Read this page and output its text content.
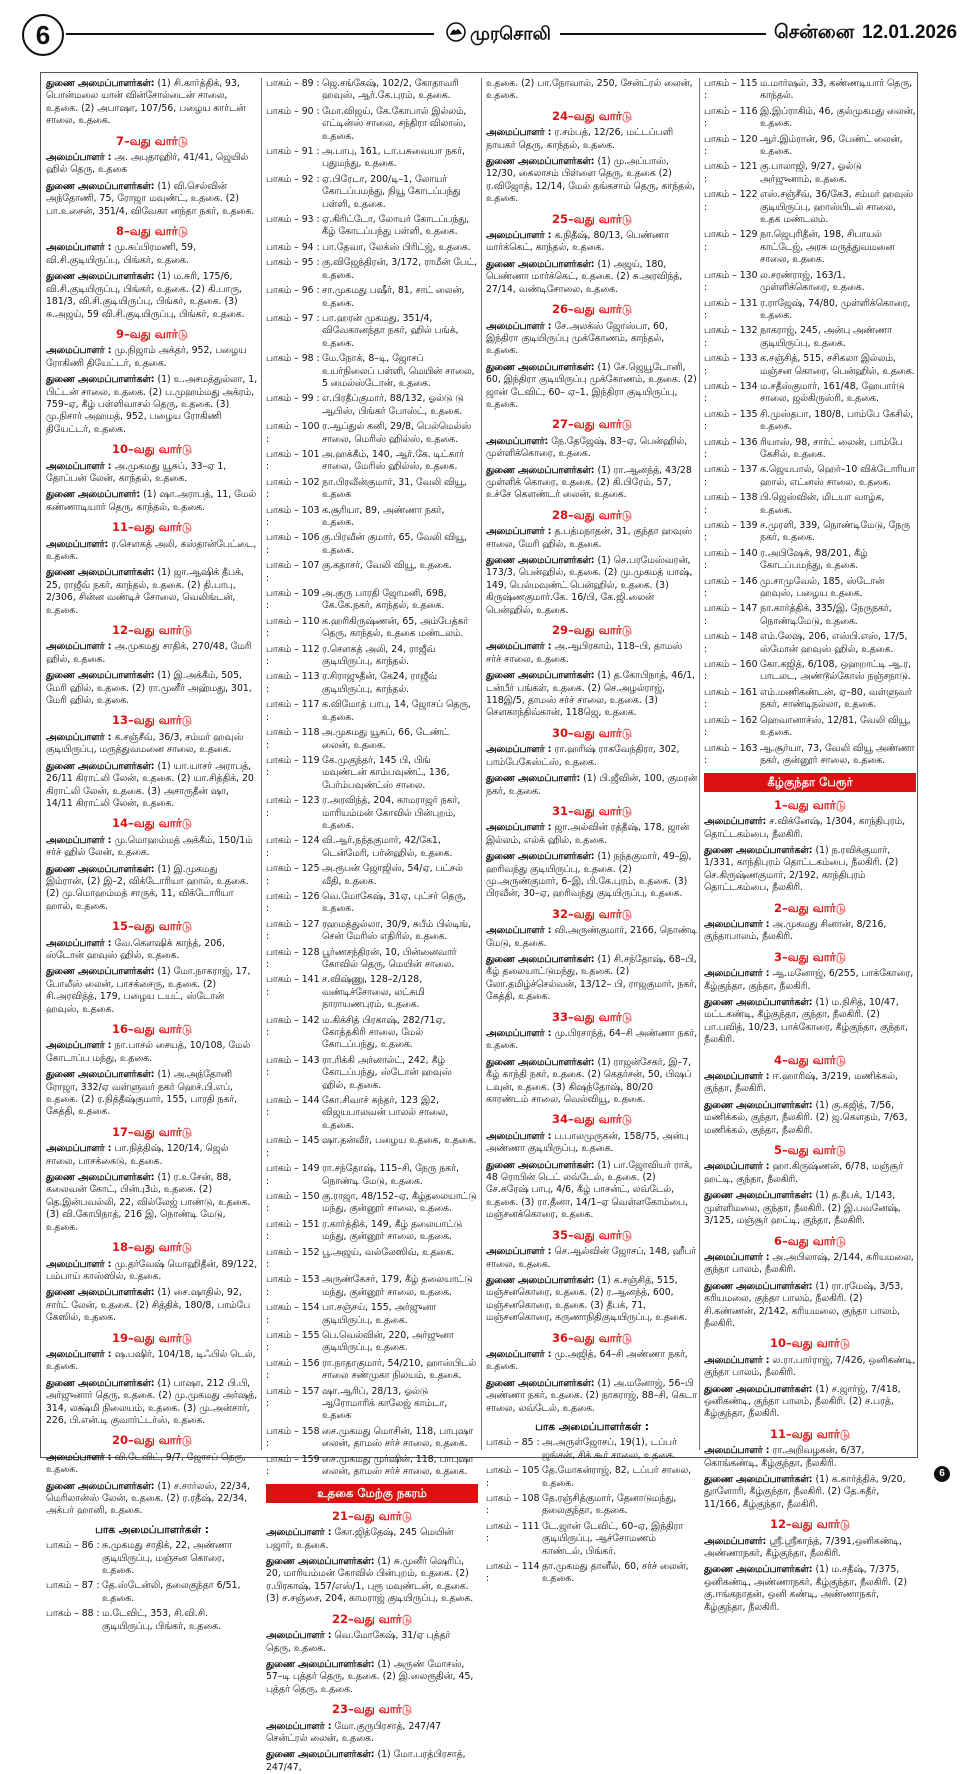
6	முரசொலி	சென்னை 12.01.2026

துணை அமைப்பாளர்கள்: (1) சி.கார்த்திக், 93, பொன்மலை யான் வின்சோல்டைன் சாலை, உதகை. (2) அபாஷா, 107/56, பழைய கார்டன் சாலை, உதகை.

7–வது வார்டு

அமைப்பாளர் : அ. அபுதாஹிர், 41/41, ஜெயில் ஹில் தெரு, உதகை

துணை அமைப்பாளர்கள்: (1) வி.செல்வின் அந்தோணி, 75, ரோஜா மவுண்ட், உதகை. (2) பா.உசைன், 351/4, விவேகா னந்தா நகர், உதகை.

8–வது வார்டு

அமைப்பாளர் : மு.சுப்பிரமணி, 59, வி.சி.குடியிருப்பு, பிங்கர், உதகை.

துணை அமைப்பாளர்கள்: (1) ம.சுரி, 175/6, வி.சி.குடியிருப்பு, பிங்கர், உதகை. (2) கி.பாரு, 181/3, வி.சி.குடியிருப்பு, பிங்கர், உதகை. (3) சு.அஜய், 59 வி.சி.குடியிருப்பு, பிங்கர், உதகை.

9–வது வார்டு

அமைப்பாளர் : மு.நிஜாம் அக்தர், 952, பழைய ரோகிணி தியேட்டர், உதகை.

துணை அமைப்பாளர்கள்: (1) உ.அசமத்துல்லா, 1, பிட்டன் சாலை, உதகை. (2) ப.முஹம்மது அக்ரம், 759–ஏ, கீழ் பள்ளிவாசல் தெரு, உதகை. (3) மு.நிசார் அஹமத், 952, பழைய ரோகிணி தியேட்டர், உதகை.

10–வது வார்டு

அமைப்பாளர் : அ.முகமது யூசுப், 33–ஏ 1, தோப்பன் லேன், காந்தல், உதகை.

துணை அமைப்பாளர்: (1) ஷா.அராபத், 11, மேல் கண்ணாடியார் தெரு, காந்தல், உதகை.

11–வது வார்டு

அமைப்பாளர்: ர.சௌகத் அலி, கஸ்தான்பேட்டை, உதகை.

துணை அமைப்பாளர்கள்: (1) ஜா.ஆஷிக் தீபக், 25, ராஜீவ் நகர், காந்தல், உதகை. (2) தி.பாபு, 2/306, சின்ன வண்டிச் சோலை, வெலிங்டன், உதகை.

12–வது வார்டு

அமைப்பாளர் : அ.முகமது சாதிக், 270/48, மேரி ஹில், உதகை.

துணை அமைப்பாளர்கள்: (1) இ.அக்கீம், 505, மேரி ஹில், உதகை. (2) ரா.முனீர் அஹ்மது, 301, மேரி ஹில், உதகை.

13–வது வார்டு

அமைப்பாளர் : க.சஞ்சீவ், 36/3, சம்மர் ஹவுஸ் குடியிருப்பு, மருத்துவமனை சாலை, உதகை.

துணை அமைப்பாளர்கள்: (1) யா.யாசர் அராபத், 26/11 கிராட்லி லேன், உதகை. (2) யா.சித்திக், 20 கிராட்லி லேன், உதகை. (3) அசாருதீன் ஷா, 14/11 கிராட்லி லேன், உதகை.

14–வது வார்டு

அமைப்பாளர் : மு.மொஹம்மத் அக்கீம், 150/1ம் சர்ச் ஹில் லேன், உதகை.

துணை அமைப்பாளர்கள்: (1) இ.முகமது இம்ரான், (2) இ–2, விக்டோரியா ஹால், உதகை. (2) மு.மொஹம்மத் சாருக், 11, விக்டோரியா ஹால், உதகை.

15–வது வார்டு

அமைப்பாளர் : வே.கௌஷிக் காந்த், 206, ஸ்டோன் ஹவுஸ் ஹில், உதகை.

துணை அமைப்பாளர்கள்: (1) மோ.நாகராஜ், 17, போலீஸ் லைன், பாசக்சைரு, உதகை. (2) சி.அரவிந்த், 179, பழைய டயட், ஸ்டோன் ஹவுஸ், உதகை.

16–வது வார்டு

அமைப்பாளர் : நா.பாசல் சையத், 10/108, மேல் கோடாப்ப மந்து, உதகை.

துணை அமைப்பாளர்கள்: (1) அ.அந்தோனி ரோஜா, 332/ஏ வள்ளுவர் நகர் ஹெச்.பி.எப், உதகை. (2) ர.நித்தீஷ்குமார், 155, பாரதி நகர், கேத்தி, உதகை.

17–வது வார்டு

அமைப்பாளர் : பா.நித்திஷ், 120/14, ஜெல் சாலை, பாசக்கைடு, உதகை.

துணை அமைப்பாளர்கள்: (1) ர.உசேன், 88, கலைவன் கோட், பின்பு3ம், உதகை. (2) தெ.இன்பவல்லி, 22, வில்லேஜ் பாண்டு, உதகை. (3) வி.கோபிநாத், 216 இ, நொண்டி மேடு, உதகை.

18–வது வார்டு

அமைப்பாளர் : மு.தர்வேஷ் மொஹிதீன், 89/122, பம்பாய் காஸ்ஸில், உதகை.

துணை அமைப்பாளர்கள்: (1) சை.ஷாதில், 92, சார்ட் லேன், உதகை. (2) சித்திக், 180/8, பாம்பே கேஸில், உதகை.

19–வது வார்டு

அமைப்பாளர் : ஷ.பஷிர், 104/18, டிஃபில் டெல், உதகை.

துணை அமைப்பாளர்கள்: (1) பாஷா, 212 பி.பி, அர்ஜுனார் தெரு, உதகை. (2) மு.முகமது அர்ஷத், 314, லக்ஷ்மி நிலையம், உதகை. (3) மு.அன்சார், 226, பி.என்.டி குவார்ட்டர்ஸ், உதகை.

20–வது வார்டு

அமைப்பாளர் : வி.டேவிட், 9/7, ஜோசப் தெரு, உதகை.

துணை அமைப்பாளர்கள்: (1) ச.சார்லஸ், 22/34, மெரிலான்ஸ் லேன், உதகை. (2) ர.ரதீஷ், 22/34, அக்பர் ஹானி, உதகை.

பாக அமைப்பாளர்கள் :
பாகம் – 86 : சு.முகமது சாதிக், 22, அண்ணா குடியிருப்பு, மஞ்சன கொரை, உதகை.
பாகம் – 87 : தே.ஸ்டேன்லி, தலைகுந்தா 6/51, உதகை.
பாகம் – 88 : ம.டேவிட், 353, சி.வி.சி. குடியிருப்பு, பிங்கர், உதகை.
பாகம் – 89 : ஜெ.சங்கேஷ், 102/2, கோதாவரி ஹவுஸ், ஆர்.கே.புரம், உதகை.
பாகம் – 90 : மோ.விஜய், கே.கோபால் இல்லம், எட்டின்ஸ் சாலை, சந்திரா விலாஸ், உதகை.
பாகம் – 91 : அ.பாபு, 161, டா.பசுவையா நகர், புதுமந்து, உதகை.
பாகம் – 92 : ஏ.பிரேடா, 200/டி–1, லோயர் கோடப்பமந்து, நியூ கோடப்பந்து பள்ளி, உதகை.
பாகம் – 93 : ஏ.கிரிட்டோ, லோயர் கோடப்பந்து, கீழ் கோடப்பந்து பள்ளி, உதகை.
பாகம் – 94 : பா.தேவா, லேக்ஸ் பிரிட்ஜ், உதகை.
பாகம் – 95 : கு.விஜேந்திரன், 3/172, ராமீன் பேட், உதகை.
பாகம் – 96 : சா.முகமது பஷீர், 81, சாட் லைன், உதகை.
பாகம் – 97 : பா.ஹரன் முகமது, 351/4, விவேகானந்தா நகர், ஹில் பங்க், உதகை.
பாகம் – 98 : மே.நோக், 8–டி, ஜோசப் உயர்நிலைப் பள்ளி, மெயின் சாலை, 5 மைல்ஸ்டோன், உதகை.
பாகம் – 99 : எ.பிரதீப்குமார், 88/132, ஓல்டு டு ஆபிஸ், பிங்கர் போஸ்ட், உதகை.
பாகம் – 100 :
ர.ஆப்துல் கனி, 29/8, பெல்மெல்ஸ் சாலை, மெரிஸ் ஹில்ஸ், உதகை.
பாகம் – 101 :
அ.ஹக்கீம், 140, ஆர்.கே. டிட்கார் சாலை, மேரிஸ் ஹில்ஸ், உதகை.
பாகம் – 102 :
நா.பிரவீன்குமார், 31, வேலி வியூ, உதகை
பாகம் – 103 :
க.சூரியா, 89, அண்ணா நகர், உதகை.
பாகம் – 106 :
கு.பிரவீன் குமார், 65, வேலி வியூ, உதகை.
பாகம் – 107 :
கு.கதாசர், வேலி வியூ, உதகை.
பாகம் – 109 :
அ.குரு பாரதி ஜோமனி, 698, கே.கே.நகர், காந்தல், உதகை.
பாகம் – 110 :
க.ஹரிகிருஷ்ணன், 65, அம்பேத்கர் தெரு, காந்தல், உதகை மண்டலம்.
பாகம் – 112 :
ர.செளகத் அலி, 24, ராஜீவ் குடியிருப்பு, காந்தல்.
பாகம் – 113 :
ர.சிராஜுதீன், கே24, ராஜீவ் குடியிருப்பு, காந்தல்.
பாகம் – 117 :
க.விமோத் பாபு, 14, ஜோசப் தெரு, உதகை.
பாகம் – 118 :
அ.முகமது யூசுப், 66, டேண்ட் லைன், உதகை.
பாகம் – 119 :
கே.முகுந்தர், 145 பி, பிங் மவுண்டன் காம்பவுண்ட், 136, பேர்ம்பவுண்ட்ஸ் சாலை.
பாகம் – 123 :
ர.அரவிந்த், 204, காமராஜர் நகர், மாரியம்மன் கோவில் பின்புறம், உதகை.
பாகம் – 124 :
வி.ஆர்.நந்தகுமார், 42/கே1, டென்மேரி, பர்ன்ஹில், உதகை.
பாகம் – 125 :
அ.ரூபன் ஜோஜிஸ், 54/ஏ, பட்சல் வீதி, உதகை.
பாகம் – 126 :
வெ.மோகேஷ், 31ஏ, புட்சர் தெரு, உதகை.
பாகம் – 127 :
ரஹமத்துல்லா, 30/9, சுபீம் பில்டிங், சென் மேரிஸ் எதிரில், உதகை.
பாகம் – 128 :
பூர்ணசந்திரன், 10, பின்னைவார் கோவில் தெரு, மெயின் சாலை.
பாகம் – 141 :
ச.விஷ்ணு, 128–2/128, வண்டிச்சோலை, லட்சுமி நாராயணபுரம், உதகை.
பாகம் – 142 :
ம.கிக்சித் பிரகாஷ், 282/71ஏ, கோத்தகிரி சாலை, மேல் கோடப்பந்து, உதகை.
பாகம் – 143 :
ரா.ரிக்கி அர்னால்ட், 242, கீழ் கோடப்பந்து, ஸ்டோன் ஹவுஸ் ஹில், உதகை.
பாகம் – 144 :
கோ.சிவாச் சுந்தர், 123 இ2, விஜயபாலவன் பாலல் சாலை, உதகை.
பாகம் – 145 :
ஷா.தன்வீர், பழைய உதகை, உதகை.
பாகம் – 149 :
ரா.சந்தோஷ், 115–சி, நேரு நகர், நொண்டி மேடு, உதகை.
பாகம் – 150 :
கு.ராஜா, 48/152–ஏ, கீழ்தலையாட்டு மந்து, குன்னூர் சாலை, உதகை.
பாகம் – 151 :
ர.கார்த்திக், 149, கீழ் தலையாட்டு மந்து, குன்னூர் சாலை, உதகை.
பாகம் – 152 :
பூ.அஜய், வல்லேஸிவ், உதகை.
பாகம் – 153 :
அருண்கேசர், 179, கீழ் தலையாட்டு மந்து, குன்னூர் சாலை, உதகை.
பாகம் – 154 :
பா.சஞ்சய், 155, அர்ஜுனா குடியிருப்பு, உதகை.
பாகம் – 155 :
பெ.வெல்வின், 220, அர்ஜுனா குடியிருப்பு, உதகை.
பாகம் – 156 :
ரா.நாதாகுமார், 54/210, ஹாஸ்பிடல் சாலை சண்முகா நிலயம், உதகை.
பாகம் – 157 :
ஷா.ஆரிப், 28/13, ஓல்டு ஆரோமாரிக் காலேஜ் காம்டா, உதகை
பாகம் – 158 :
சை.முகமது மொசின், 118, பாபுஷா லைன், தாமஸ் சர்ச் சாலை, உதகை.
பாகம் – 159 :
சை.முகமது முர்ஷின், 118, பாபுஷா லைன், தாமஸ் சர்ச் சாலை, உதகை.
உதகை மேற்கு நகரம்
21–வது வார்டு

அமைப்பாளர் : கோ.ஜித்தேஷ், 245 மெயின் பஜார், உதகை.

துணை அமைப்பாளர்கள்: (1) சு.முனீர் ஷெரிப், 20, மாரியம்மன் கோவில் பின்புறம், உதகை. (2) ர.பிரகாஷ், 157/எஸ்/1, புரூ மவுண்டன், உதகை. (3) ச.சஞ்சை, 204, காமராஜ் குடியிருப்பு, உதகை.

22–வது வார்டு

அமைப்பாளர் : வெ.மோகேஷ், 31/ஏ புத்தர் தெரு, உதகை.

துணை அமைப்பாளர்கள்: (1) அருண் மோசஸ், 57–டி புத்தர் தெரு, உதகை. (2) இ.லைரூதின், 45, புத்தர் தெரு, உதகை.

23–வது வார்டு

அமைப்பாளர் : மோ.குருபிரசாத், 247/47 சென்ட்ரல் லைன், உதகை.

துணை அமைப்பாளர்கள்: (1) மோ.பரத்பிரசாத், 247/47,

உதகை. (2) பா.நோவால், 250, சேன்ட்ரல் லைன், உதகை.

24–வது வார்டு

அமைப்பாளர் : ர.சம்பத், 12/26, மட்டப்பளி நாயகர் தெரு, காந்தல், உதகை.

துணை அமைப்பாளர்கள்: (1) மு.அப்பாஸ், 12/30, கைலாசம் பிள்ளை தெரு, உதகை (2) ர.விஜோத், 12/14, மேல் தங்கசாம் தெரு, காந்தல், உதகை.

25–வது வார்டு

அமைப்பாளர் : க.நிதீஷ், 80/13, பெண்ணா மார்க்கெட், காந்தல், உதகை.

துணை அமைப்பாளர்கள்: (1) அஜய், 180, பெண்ணா மார்க்கெட், உதகை. (2) சு.அரவிந்த், 27/14, வண்டிசோலை, உதகை.

26–வது வார்டு

அமைப்பாளர் : சே.அலக்ஸ் ஜோஸ்பா, 60, இந்திரா குடியிருப்பு முக்கோணம், காந்தல், உதகை.

துணை அமைப்பாளர்கள்: (1) சே.ஜெயூடோனி, 60, இந்திரா குடியிருப்பு முக்கோணம், உதகை. (2) ஜான் டேவிட், 60– ஏ–1, இந்திரா குடியிருப்பு, உதகை.

27–வது வார்டு

அமைப்பாளர்: நே.தேஜேஷ், 83–ஏ, பென்ஹில், முள்ளிக்கொரை, உதகை.

துணை அமைப்பாளர்கள்: (1) ரா.ஆனந்த், 43/28 முள்ளிக் கொரை, உதகை. (2) கி.பிரேம், 57, உச்சே கௌண்டர் லைன், உதகை.

28–வது வார்டு

அமைப்பாளர் : த.பத்மநாதன், 31, குந்தா ஹவுஸ் சாலை, மேரி ஹில், உதகை.

துணை அமைப்பாளர்கள்: (1) செ.பரமேஸ்வரன், 173/3, பென்ஹில், உதகை. (2) மு.முகமத் யாஷ், 149, பெல்மவுண்ட் பென்ஹில், உதகை. (3) கிருஷ்ணகுமார்.கே. 16/பி, கே.ஜி.லைன் பென்ஹில், உதகை.

29–வது வார்டு

அமைப்பாளர் : அ.ஆபிரகாம், 118–பி, தாமஸ் சர்ச் சாலை, உதகை.

துணை அமைப்பாளர்கள்: (1) த.கோபிநாத், 46/1, டன்பீர் பங்கள், உதகை. (2) செ.அழல்ராஜ், 118இ/5, தாமஸ் சர்ச் சாலை, உதகை. (3) செளகாந்திவ்கான், 118ஜெ, உதகை.

30–வது வார்டு

அமைப்பாளர் : ரா.ஹரிஷ் ராகவேந்திரா, 302, பாம்பேகேஸ்ட்ஸ், உதகை.

துணை அமைப்பாளர்: (1) பி.ஜீவின், 100, குமரன் நகர், உதகை.

31–வது வார்டு

அமைப்பாளர் : ஜா.அல்வின் ரத்தீஷ், 178, ஜான் இல்லம், எல்க் ஹில், உதகை.

துணை அமைப்பாளர்கள்: (1) நந்தகுமார், 49–இ, ஹரிவந்து குடியிருப்பு, உதகை. (2) மு.அருண்குமார், 6–இ, பி.கே.புரம், உதகை. (3) பிரவீன், 30–ஏ, ஹரிவந்து குடியிருப்பு, உதகை.

32–வது வார்டு

அமைப்பாளர் : வி.அருண்குமார், 2166, நொண்டி மேடு, உதகை.

துணை அமைப்பாளர்கள்: (1) சி.சந்தோஷ், 68–பி, கீழ் தலையாட்டுமந்து, உதகை. (2) லோ.தமிழ்ச்செல்வன், 13/12– பி, ராஜகுமார், நகர், கேத்தி, உதகை.

33–வது வார்டு

அமைப்பாளர் : மு.பிரசாந்த், 64–சி அண்ணா நகர், உதகை.

துணை அமைப்பாளர்கள்: (1) ராஜன்சேகர், இ–7, கீழ் காந்தி நகர், உதகை. (2) கெதர்சன், 50, பிஷப் டவுன், உதகை. (3) கிஷந்தோஷ், 80/20 காரண்டம் சாலை, வெல்வியூ, உதகை.

34–வது வார்டு

அமைப்பாளர் : ப.பாலமுருகன், 158/75, அன்பு அண்ணா குடியிருப்பு, உதகை.

துணை அமைப்பாளர்கள்: (1) பா.ஜோவியர் ராக், 48 ரொபின் டெட் லவ்டேல், உதகை. (2) சே.சுரேஷ் பாபு, 4/6, கீழ் பாசன்ட், லவ்டேல், உதகை. (3) ரா.தீனா, 14/1–ஏ வெள்ளகோம்பை, மஞ்சனக்கொரை, உதகை.

35–வது வார்டு

அமைப்பாளர் : செ.ஆல்வின் ஜோசப், 148, ஹீபர் சாலை, உதகை.

துணை அமைப்பாளர்கள்: (1) க.சஞ்சித், 515, மஞ்சனகொரை, உதகை. (2) ர.ஆனந்த், 600, மஞ்சனகொரை, உதகை. (3) தீபக், 71, மஞ்சனகொரை, கருணாநிதிகுடியிருப்பு, உதகை.

36–வது வார்டு

அமைப்பாளர் : மு.அஜித், 64–சி அண்ணா நகர், உதகை.

துணை அமைப்பாளர்கள்: (1) அ.மனோஜ், 56–பி அண்ணா நகர், உதகை. (2) நாகராஜ், 88–சி, கெடா சாலை, லவ்டேல், உதகை.

பாக அமைப்பாளர்கள் :
பாகம் – 85 : அ.அருள்ஜோசப், 19(1), டப்பர் ஜங்சன், சிக் கூர் சாலை, உதகை.
பாகம் – 105 :
தே.மோகன்ராஜ், 82, டப்பர் சாலை, உதகை.
பாகம் – 108 :
தே.ரஞ்சித்குமார், தேனாடுமந்து, தலைகுந்தா, உதகை.
பாகம் – 111 :
டே.ஜான் டேவிட், 60–ஏ, இந்திரா குடியிருப்பு, ஆச்சோமணம் காண்டல், பிங்கர்.
பாகம் – 114 :
தா.முகமது தானீல், 60, சர்ச் லைன், உதகை.
பாகம் – 115 :
ம.மார்ஷல், 33, கண்ணடியார் தெரு, காந்தல்.
பாகம் – 116 :
இ.இப்ராகிம், 46, குல்முகமது லைன், உதகை.
பாகம் – 120 :
ஆர்.இம்ரான், 96, பேண்ட் லைன், உதகை.
பாகம் – 121 :
கு.பாலாஜி, 9/27, ஓல்டு அர்ஜுனாம், உதகை.
பாகம் – 122 :
எஸ்.சஞ்சீவ், 36/கே3, சம்மர் ஹவுஸ் குடியிருப்பு, ஹாஸ்பிடல் சாலை, உதக மண்டலம்.
பாகம் – 129 :
நா.ஜெபுரிதீன், 198, சிபாயல் காட்டேஜ், அரசு மருத்துவமனை சாலை, உதகை.
பாகம் – 130 :
ல.சரண்ராஜ், 163/1, முள்ளிக்கொரை, உதகை.
பாகம் – 131 :
ர.ராஜேஷ், 74/80, முள்ளிக்கொரை, உதகை.
பாகம் – 132 :
நாகராஜ், 245, அன்பு அண்ணா குடியிருப்பு, உதகை.
பாகம் – 133 :
க.சஞ்சித், 515, சசிகலா இல்லம், மஞ்சன கொரை, பென்ஹில், உதகை.
பாகம் – 134 :
ம.சதீஸ்குமார், 161/48, ஹேபார்டு சாலை, ஜல்கிருஸ்ரி, உதகை.
பாகம் – 135 :
சி.முஸ்தபா, 180/8, பாம்பே கேசில், உதகை.
பாகம் – 136 :
ரியாஸ், 98, சார்ட் லைன், பாம்பே கேசில், உதகை.
பாகம் – 137 :
க.ஜெயபால், ஹெர்–10 விக்டோரியா ஹால், எட்னஸ் சாலை, உதகை.
பாகம் – 138 :
பி.ஜெஸ்வின், மிடயா வாழ்க, உதகை.
பாகம் – 139 :
ச.முரளி, 339, நொண்டிமேடு, நேரு நகர், உதகை.
பாகம் – 140 :
ர.அபிஷேக், 98/201, கீழ் கோடப்பமந்து, உதகை.
பாகம் – 146 :
மு.சாமுவேல், 185, ஸ்டோன் ஹவுஸ், பழைய உதகை.
பாகம் – 147 :
நா.கார்த்திக், 335/இ, நேருநகர், நொண்டிமேடு, உதகை.
பாகம் – 148 :
எம்.லேஷ, 206, எஸ்பி.எஸ், 17/5, ஸ்மோன் ஹவுஸ் ஹில், உதகை.
பாகம் – 160 :
கோ.கஜித், 6/108, ஒஹறாட்டி ஆ.ர, பாடலட, அண்டூல்கோஸ் நஞ்சநாடு.
பாகம் – 161 :
எம்.மணிகண்டன், ஏ–80, வள்ளுவர் நகர், சாண்டிநல்லா, உதகை.
பாகம் – 162 :
ஹெவானாச்ஸ், 12/81, வேலி வியூ, உதகை.
பாகம் – 163 :
ஆ.சூர்யா, 73, வேலி வியூ அண்ணா நகர், குன்னூர் சாலை, உதகை.
கீழ்குந்தா பேரூர்
1–வது வார்டு

அமைப்பாளர்: ச.விக்னேஷ், 1/304, காந்திபுரம், தொட்டகம்பை, நீலகிரி.

துணை அமைப்பாளர்கள்: (1) ந.ரவிக்குமார், 1/331, காந்திபுரம் தொட்டகம்பை, நீலகிரி. (2) செ.கிருஷ்ணகுமார், 2/192, காந்திபுரம் தொட்டகம்பை, நீலகிரி.

2–வது வார்டு

அமைப்பாளர் : அ.முகமது சினான், 8/216, குந்தாபாலம், நீலகிரி.

3–வது வார்டு

அமைப்பாளர் : ஆ.மனோஜ், 6/255, பாக்கோரை, கீழ்குந்தா, குந்தா, நீலகிரி.

துணை அமைப்பாளர்கள்: (1) ம.நிசித், 10/47, மட்டகண்டி, கீழ்குந்தா, குந்தா, நீலகிரி. (2) பா.பவித், 10/23, பாக்கோரை, கீழ்குந்தா, குந்தா, நீலகிரி.

4–வது வார்டு

அமைப்பாளர் : ஈ.ஹாரிஷ், 3/219, மணிக்கல், குந்தா, நீலகிரி.

துணை அமைப்பாளர்கள்: (1) கு.கஜித், 7/56, மணிக்கல், குந்தா, நீலகிரி. (2) ஜ.கௌதம், 7/63, மணிக்கல், குந்தா, நீலகிரி.

5–வது வார்டு

அமைப்பாளர் : ஹா.கிருஷ்ணன், 6/78, மஞ்சூர் ஹட்டி, குந்தா, நீலகிரி.

துணை அமைப்பாளர்கள்: (1) த.தீபக், 1/143, முள்ளிமலை, குந்தா, நீலகிரி. (2) இ.பவனேஷ், 3/125, மஞ்சூர் ஹட்டி, குந்தா, நீலகிரி.

6–வது வார்டு

அமைப்பாளர் : அ.அபிலாஷ், 2/144, கரியமலை, குந்தா பாலம், நீலகிரி.

துணை அமைப்பாளர்கள்: (1) ரா.ரமேஷ், 3/53, கரியமலை, குந்தா பாலம், நீலகிரி. (2) சி.கண்ணன், 2/142, கரியமலை, குந்தா பாலம், நீலகிரி.

10–வது வார்டு

அமைப்பாளர் : ல.ரா.பார்ராஜ், 7/426, ஒனிகண்டி, குந்தா பாலம், நீலகிரி.

துணை அமைப்பாளர்கள்: (1) ச.ஜார்ஜ், 7/418, ஒனிகண்டி, குந்தா பாலம், நீலகிரி. (2) ச.பரத், கீழ்குந்தா, நீலகிரி.

11–வது வார்டு

அமைப்பாளர் : ரா.அறிவழகன், 6/37, கொங்கண்டி, கீழ்குந்தா, நீலகிரி.

துணை அமைப்பாளர்கள்: (1) க.கார்த்திக், 9/20, துாளோரி, கீழ்குந்தா, நீலகிரி. (2) தே.சுதீர், 11/166, கீழ்குந்தா, நீலகிரி.

12–வது வார்டு

அமைப்பாளர்: ஸ்ரீ.ஸ்ரீகாந்த், 7/391,ஒனிகண்டி, அண்ணாநகர், கீழ்குந்தா, நீலகிரி.

துணை அமைப்பாளர்கள்: (1) ம.சதீஷ், 7/375, ஒனிகண்டி, அண்ணாநகர், கீழ்குந்தா, நீலகிரி. (2) கு.ஈங்கநாதன், ஒனி கண்டி, அண்ணாநகர், கீழ்குந்தா, நீலகிரி.

6
